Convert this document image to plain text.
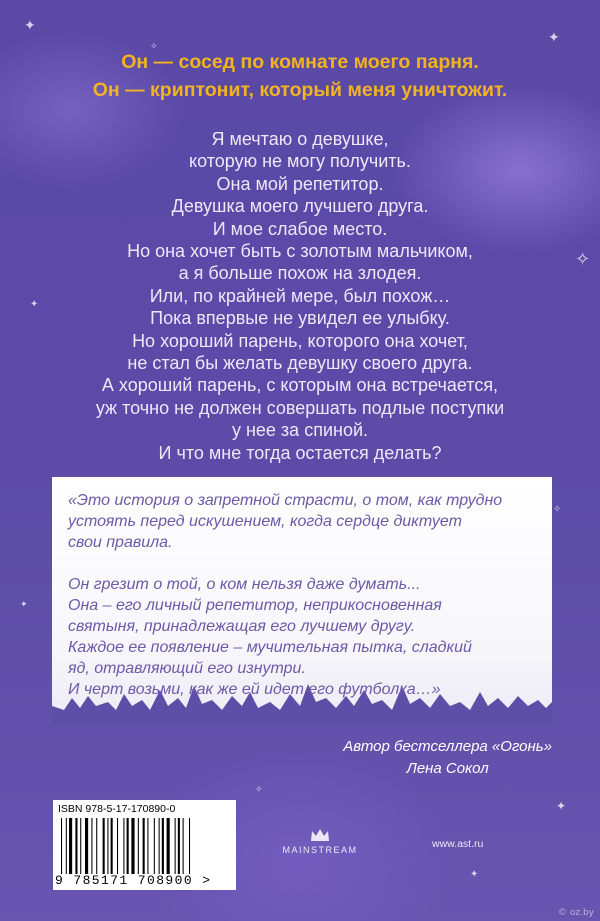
✦
✧
✦
✧
✦
✧
✦
✦
✧
✦
Он — сосед по комнате моего парня.
Он — криптонит, который меня уничтожит.
Я мечтаю о девушке,
которую не могу получить.
Она мой репетитор.
Девушка моего лучшего друга.
И мое слабое место.
Но она хочет быть с золотым мальчиком,
а я больше похож на злодея.
Или, по крайней мере, был похож…
Пока впервые не увидел ее улыбку.
Но хороший парень, которого она хочет,
не стал бы желать девушку своего друга.
А хороший парень, с которым она встречается,
уж точно не должен совершать подлые поступки
у нее за спиной.
И что мне тогда остается делать?
«Это история о запретной страсти, о том, как трудно
устоять перед искушением, когда сердце диктует
свои правила.
Он грезит о той, о ком нельзя даже думать...
Она – его личный репетитор, неприкосновенная
святыня, принадлежащая его лучшему другу.
Каждое ее появление – мучительная пытка, сладкий
яд, отравляющий его изнутри.
И черт возьми, как же ей идет его футболка…»
Автор бестселлера «Огонь»
Лена Сокол
ISBN 978-5-17-170890-0
9 785171 708900 >
MAINSTREAM	www.ast.ru
© oz.by
